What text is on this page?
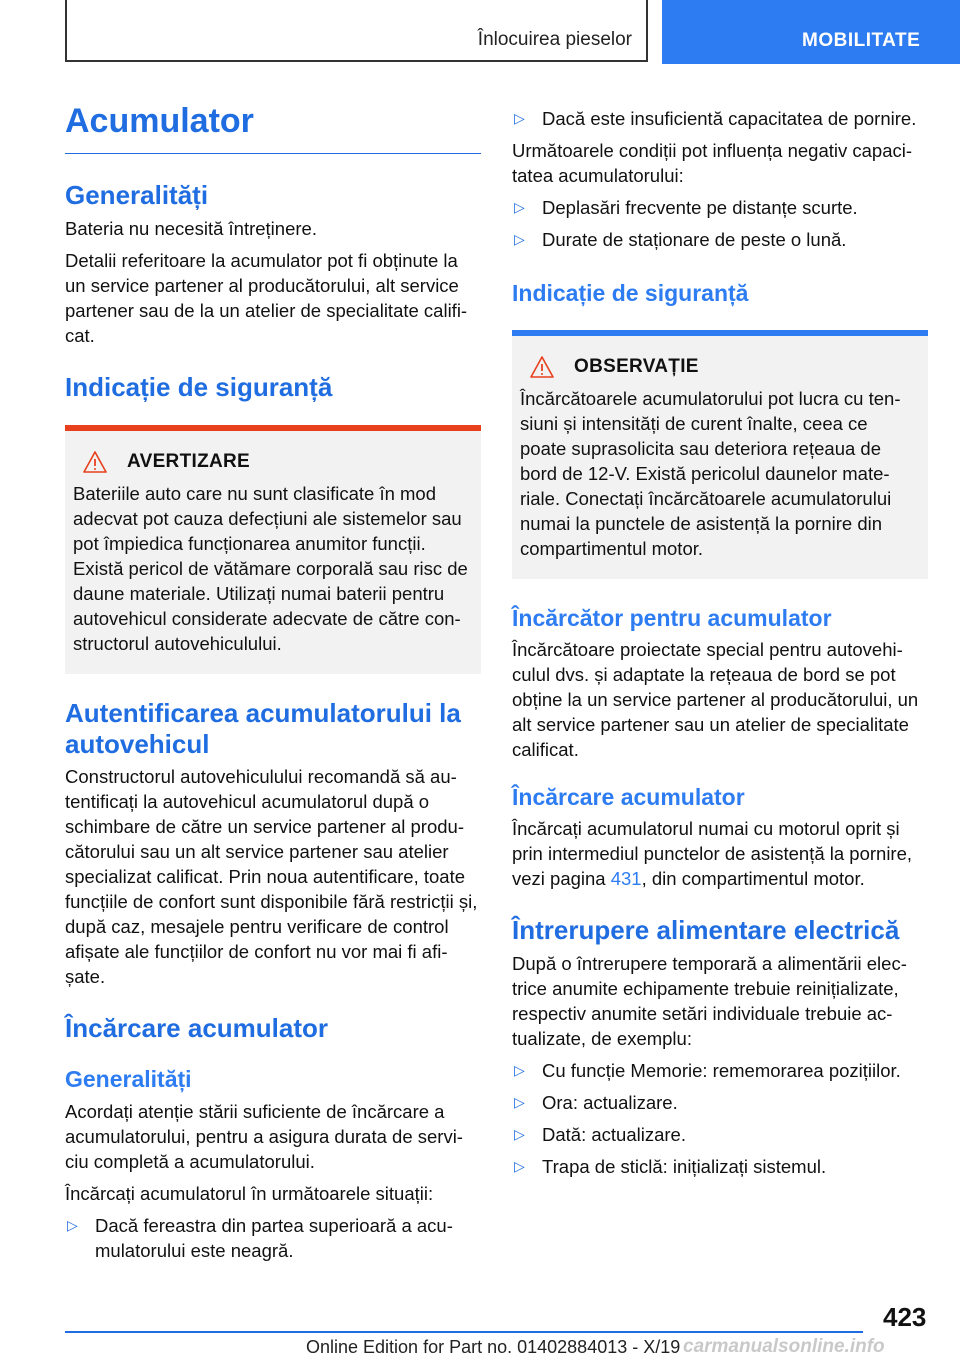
Înlocuirea pieselor	MOBILITATE
Acumulator
Generalități

Bateria nu necesită întreținere.

Detalii referitoare la acumulator pot fi obținute la un service partener al producătorului, alt service partener sau de la un atelier de specialitate califi-cat.

Indicație de siguranță
AVERTIZARE

Bateriile auto care nu sunt clasificate în mod adecvat pot cauza defecțiuni ale sistemelor sau pot împiedica funcționarea anumitor funcții. Există pericol de vătămare corporală sau risc de daune materiale. Utilizați numai baterii pentru autovehicul considerate adecvate de către con-structorul autovehiculului.

Autentificarea acumulatorului la autovehicul

Constructorul autovehiculului recomandă să au-tentificați la autovehicul acumulatorul după o schimbare de către un service partener al produ-cătorului sau un alt service partener sau atelier specializat calificat. Prin noua autentificare, toate funcțiile de confort sunt disponibile fără restricții și, după caz, mesajele pentru verificare de control afișate ale funcțiilor de confort nu vor mai fi afi-șate.

Încărcare acumulator
Generalități

Acordați atenție stării suficiente de încărcare a acumulatorului, pentru a asigura durata de servi-ciu completă a acumulatorului.

Încărcați acumulatorul în următoarele situații:

▷ Dacă fereastra din partea superioară a acu-mulatorului este neagră.
▷ Dacă este insuficientă capacitatea de pornire.

Următoarele condiții pot influența negativ capaci-tatea acumulatorului:

▷ Deplasări frecvente pe distanțe scurte.
▷ Durate de staționare de peste o lună.
Indicație de siguranță
OBSERVAȚIE

Încărcătoarele acumulatorului pot lucra cu ten-siuni și intensități de curent înalte, ceea ce poate suprasolicita sau deteriora rețeaua de bord de 12-V. Există pericolul daunelor mate-riale. Conectați încărcătoarele acumulatorului numai la punctele de asistență la pornire din compartimentul motor.

Încărcător pentru acumulator

Încărcătoare proiectate special pentru autovehi-culul dvs. și adaptate la rețeaua de bord se pot obține la un service partener al producătorului, un alt service partener sau un atelier de specialitate calificat.

Încărcare acumulator

Încărcați acumulatorul numai cu motorul oprit și prin intermediul punctelor de asistență la pornire, vezi pagina 431, din compartimentul motor.

Întrerupere alimentare electrică

După o întrerupere temporară a alimentării elec-trice anumite echipamente trebuie reinițializate, respectiv anumite setări individuale trebuie ac-tualizate, de exemplu:

▷ Cu funcție Memorie: rememorarea pozițiilor.
▷ Ora: actualizare.
▷ Dată: actualizare.
▷ Trapa de sticlă: inițializați sistemul.
423
Online Edition for Part no. 01402884013 - X/19 carmanualsonline.info
